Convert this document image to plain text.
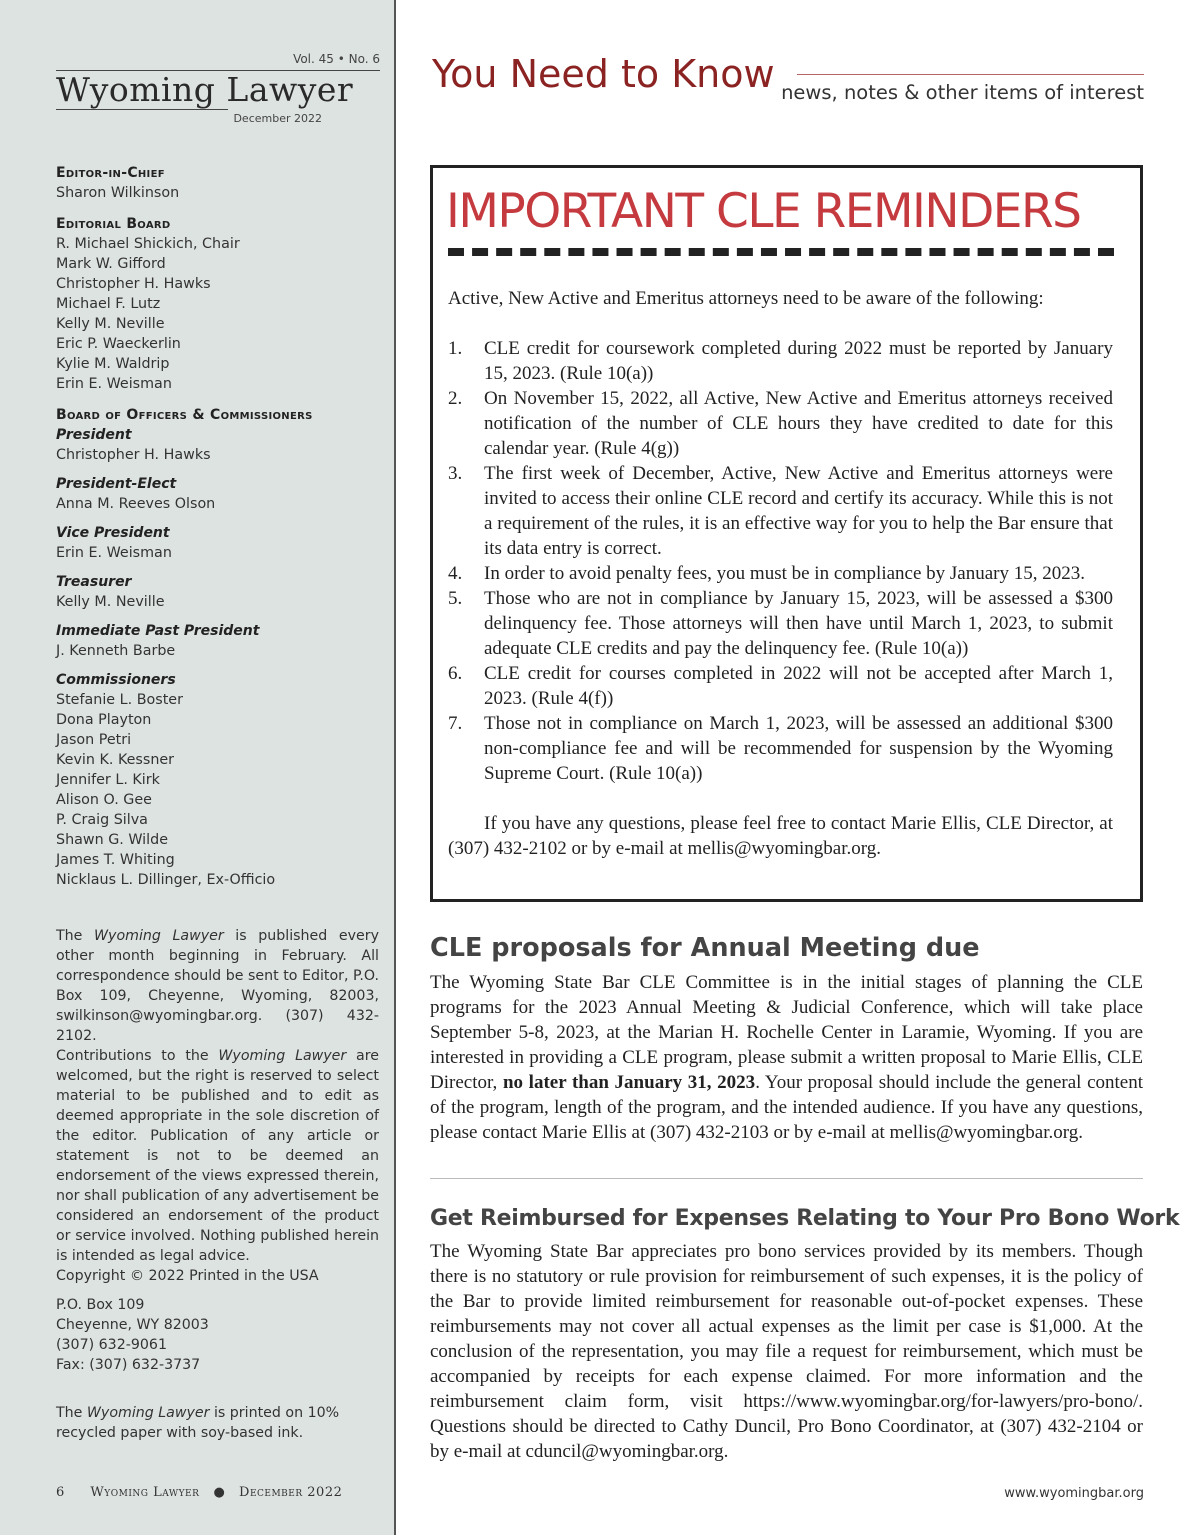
Vol. 45 • No. 6
Wyoming Lawyer
December 2022
Editor-in-Chief
Sharon Wilkinson
Editorial Board
R. Michael Shickich, Chair
Mark W. Gifford
Christopher H. Hawks
Michael F. Lutz
Kelly M. Neville
Eric P. Waeckerlin
Kylie M. Waldrip
Erin E. Weisman
Board of Officers & Commissioners
President
Christopher H. Hawks
President-Elect
Anna M. Reeves Olson
Vice President
Erin E. Weisman
Treasurer
Kelly M. Neville
Immediate Past President
J. Kenneth Barbe
Commissioners
Stefanie L. Boster
Dona Playton
Jason Petri
Kevin K. Kessner
Jennifer L. Kirk
Alison O. Gee
P. Craig Silva
Shawn G. Wilde
James T. Whiting
Nicklaus L. Dillinger, Ex-Officio

The Wyoming Lawyer is published every other month beginning in February. All correspondence should be sent to Editor, P.O. Box 109, Cheyenne, Wyoming, 82003, swilkinson@wyomingbar.org. (307) 432-2102.

Contributions to the Wyoming Lawyer are welcomed, but the right is reserved to select material to be published and to edit as deemed appropriate in the sole discretion of the editor. Publication of any article or statement is not to be deemed an endorsement of the views expressed therein, nor shall publication of any advertisement be considered an endorsement of the product or service involved. Nothing published herein is intended as legal advice.

Copyright © 2022 Printed in the USA

P.O. Box 109
Cheyenne, WY 82003
(307) 632-9061
Fax: (307) 632-3737

The Wyoming Lawyer is printed on 10% recycled paper with soy-based ink.

6 Wyoming Lawyer ● December 2022
You Need to Know news, notes & other items of interest
IMPORTANT CLE REMINDERS

Active, New Active and Emeritus attorneys need to be aware of the following:

1. CLE credit for coursework completed during 2022 must be reported by January 15, 2023. (Rule 10(a))
2. On November 15, 2022, all Active, New Active and Emeritus attorneys received notification of the number of CLE hours they have credited to date for this calendar year. (Rule 4(g))
3. The first week of December, Active, New Active and Emeritus attorneys were invited to access their online CLE record and certify its accuracy. While this is not a requirement of the rules, it is an effective way for you to help the Bar ensure that its data entry is correct.
4. In order to avoid penalty fees, you must be in compliance by January 15, 2023.
5. Those who are not in compliance by January 15, 2023, will be assessed a $300 delinquency fee. Those attorneys will then have until March 1, 2023, to submit adequate CLE credits and pay the delinquency fee. (Rule 10(a))
6. CLE credit for courses completed in 2022 will not be accepted after March 1, 2023. (Rule 4(f))
7. Those not in compliance on March 1, 2023, will be assessed an additional $300 non-compliance fee and will be recommended for suspension by the Wyoming Supreme Court. (Rule 10(a))

If you have any questions, please feel free to contact Marie Ellis, CLE Director, at (307) 432-2102 or by e-mail at mellis@wyomingbar.org.

CLE proposals for Annual Meeting due

The Wyoming State Bar CLE Committee is in the initial stages of planning the CLE programs for the 2023 Annual Meeting & Judicial Conference, which will take place September 5-8, 2023, at the Marian H. Rochelle Center in Laramie, Wyoming. If you are interested in providing a CLE program, please submit a written proposal to Marie Ellis, CLE Director, no later than January 31, 2023. Your proposal should include the general content of the program, length of the program, and the intended audience. If you have any questions, please contact Marie Ellis at (307) 432-2103 or by e-mail at mellis@wyomingbar.org.

Get Reimbursed for Expenses Relating to Your Pro Bono Work

The Wyoming State Bar appreciates pro bono services provided by its members. Though there is no statutory or rule provision for reimbursement of such expenses, it is the policy of the Bar to provide limited reimbursement for reasonable out-of-pocket expenses. These reimbursements may not cover all actual expenses as the limit per case is $1,000. At the conclusion of the representation, you may file a request for reimbursement, which must be accompanied by receipts for each expense claimed. For more information and the reimbursement claim form, visit https://www.wyomingbar.org/for-lawyers/pro-bono/. Questions should be directed to Cathy Duncil, Pro Bono Coordinator, at (307) 432-2104 or by e-mail at cduncil@wyomingbar.org.

www.wyomingbar.org
